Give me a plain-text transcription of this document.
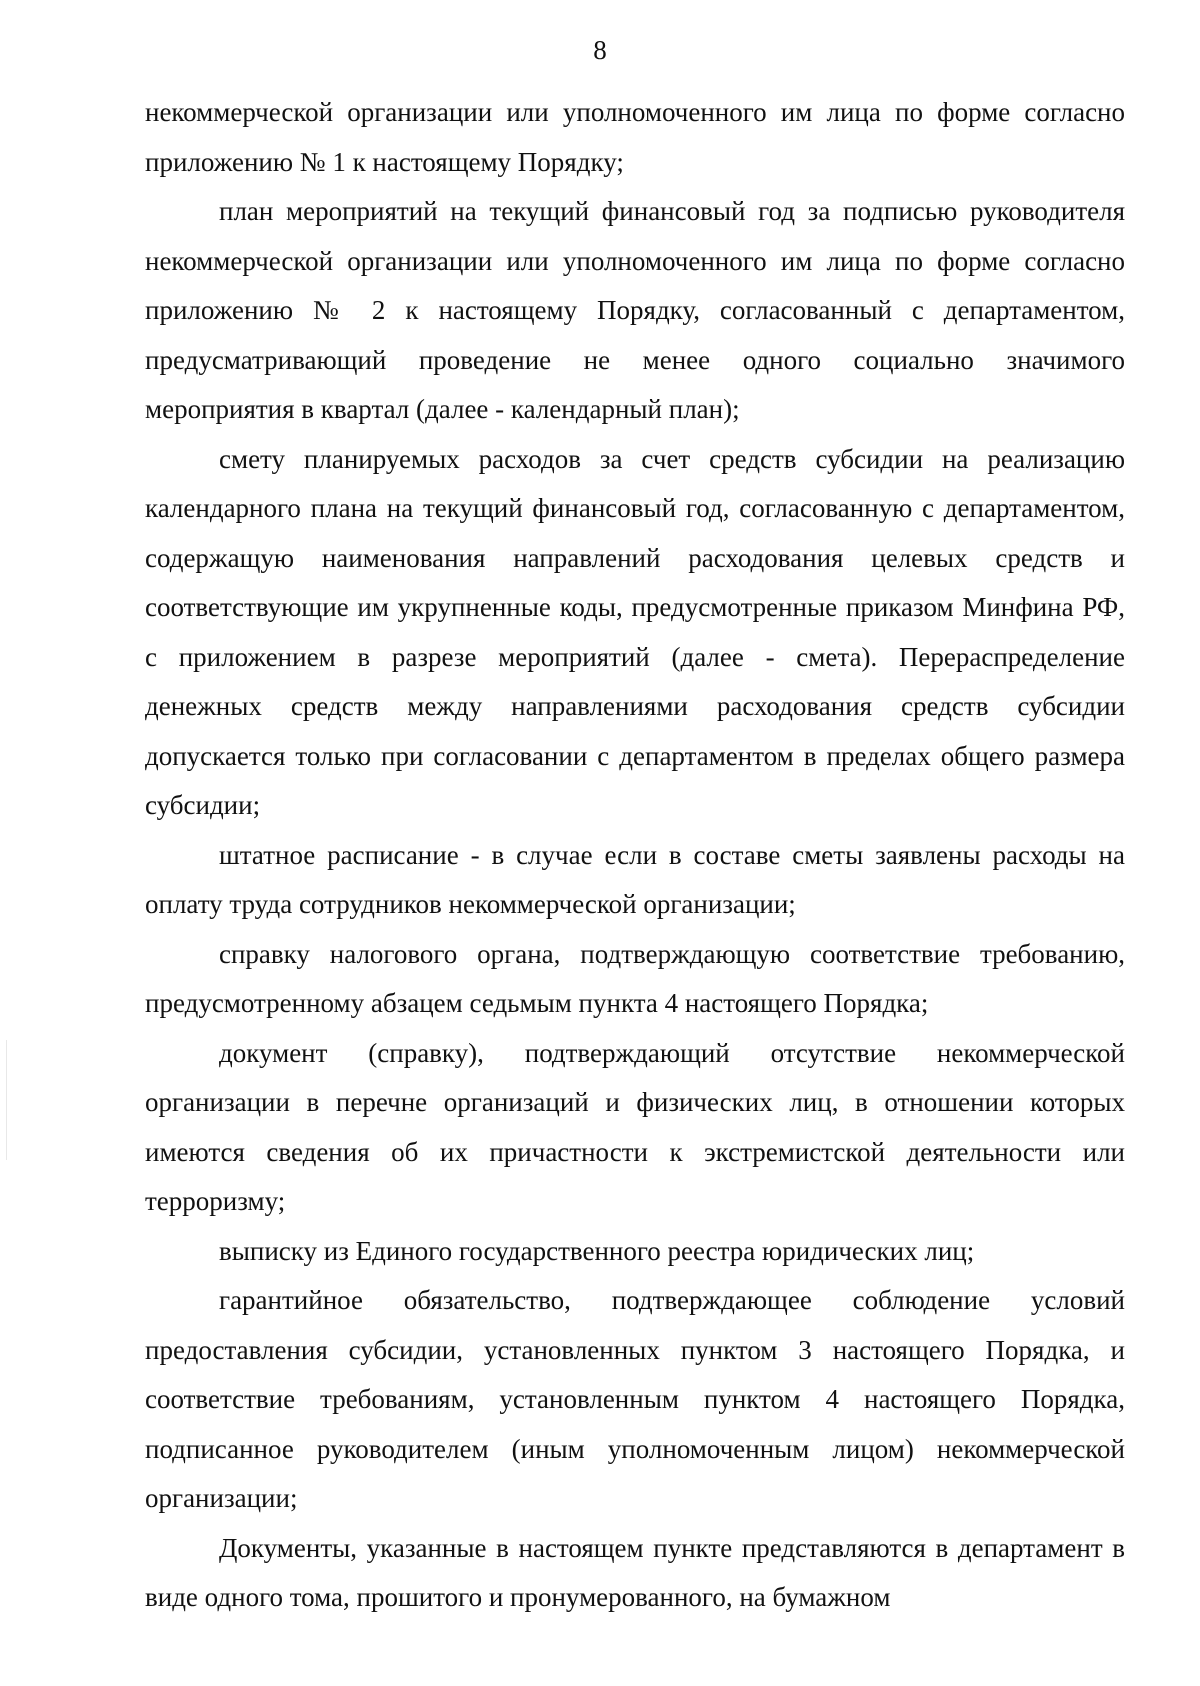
8

некоммерческой организации или уполномоченного им лица по форме согласно приложению № 1 к настоящему Порядку;

план мероприятий на текущий финансовый год за подписью руководителя некоммерческой организации или уполномоченного им лица по форме согласно приложению № 2 к настоящему Порядку, согласованный с департаментом, предусматривающий проведение не менее одного социально значимого мероприятия в квартал (далее - календарный план);

смету планируемых расходов за счет средств субсидии на реализацию календарного плана на текущий финансовый год, согласованную с департаментом, содержащую наименования направлений расходования целевых средств и соответствующие им укрупненные коды, предусмотренные приказом Минфина РФ, с приложением в разрезе мероприятий (далее - смета). Перераспределение денежных средств между направлениями расходования средств субсидии допускается только при согласовании с департаментом в пределах общего размера субсидии;

штатное расписание - в случае если в составе сметы заявлены расходы на оплату труда сотрудников некоммерческой организации;

справку налогового органа, подтверждающую соответствие требованию, предусмотренному абзацем седьмым пункта 4 настоящего Порядка;

документ (справку), подтверждающий отсутствие некоммерческой организации в перечне организаций и физических лиц, в отношении которых имеются сведения об их причастности к экстремистской деятельности или терроризму;

выписку из Единого государственного реестра юридических лиц;

гарантийное обязательство, подтверждающее соблюдение условий предоставления субсидии, установленных пунктом 3 настоящего Порядка, и соответствие требованиям, установленным пунктом 4 настоящего Порядка, подписанное руководителем (иным уполномоченным лицом) некоммерческой организации;

Документы, указанные в настоящем пункте представляются в департамент в виде одного тома, прошитого и пронумерованного, на бумажном
